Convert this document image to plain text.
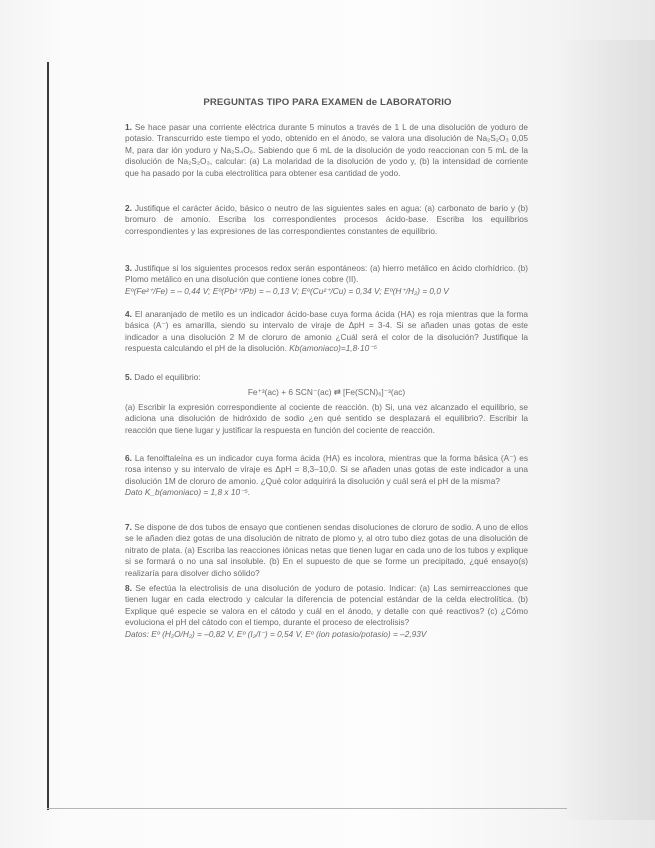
PREGUNTAS TIPO PARA EXAMEN de LABORATORIO
1. Se hace pasar una corriente eléctrica durante 5 minutos a través de 1 L de una disolución de yoduro de potasio. Transcurrido este tiempo el yodo, obtenido en el ánodo, se valora una disolución de Na₂S₂O₃ 0,05 M, para dar ión yoduro y Na₂S₄O₆. Sabiendo que 6 mL de la disolución de yodo reaccionan con 5 mL de la disolución de Na₂S₂O₃, calcular: (a) La molaridad de la disolución de yodo y, (b) la intensidad de corriente que ha pasado por la cuba electrolítica para obtener esa cantidad de yodo.
2. Justifique el carácter ácido, básico o neutro de las siguientes sales en agua: (a) carbonato de bario y (b) bromuro de amonio. Escriba los correspondientes procesos ácido-base. Escriba los equilibrios correspondientes y las expresiones de las correspondientes constantes de equilibrio.
3. Justifique si los siguientes procesos redox serán espontáneos: (a) hierro metálico en ácido clorhídrico. (b) Plomo metálico en una disolución que contiene iones cobre (II).
Eº(Fe²⁺/Fe) = – 0,44 V; Eº(Pb²⁺/Pb) = – 0,13 V; Eº(Cu²⁺/Cu) = 0,34 V; Eº(H⁺/H₂) = 0,0 V
4. El anaranjado de metilo es un indicador ácido-base cuya forma ácida (HA) es roja mientras que la forma básica (A⁻) es amarilla, siendo su intervalo de viraje de ΔpH = 3-4. Si se añaden unas gotas de este indicador a una disolución 2 M de cloruro de amonio ¿Cuál será el color de la disolución? Justifique la respuesta calculando el pH de la disolución. Kb(amoniaco)=1,8·10⁻⁵
5. Dado el equilibrio:
Fe⁺³(ac) + 6 SCN⁻(ac) ⇄ [Fe(SCN)₆]⁻³(ac)
(a) Escribir la expresión correspondiente al cociente de reacción. (b) Si, una vez alcanzado el equilibrio, se adiciona una disolución de hidróxido de sodio ¿en qué sentido se desplazará el equilibrio?. Escribir la reacción que tiene lugar y justificar la respuesta en función del cociente de reacción.
6. La fenolftaleína es un indicador cuya forma ácida (HA) es incolora, mientras que la forma básica (A⁻) es rosa intenso y su intervalo de viraje es ΔpH = 8,3–10,0. Si se añaden unas gotas de este indicador a una disolución 1M de cloruro de amonio. ¿Qué color adquirirá la disolución y cuál será el pH de la misma?
Dato K_b(amoniaco) = 1,8 x 10⁻⁵.
7. Se dispone de dos tubos de ensayo que contienen sendas disoluciones de cloruro de sodio. A uno de ellos se le añaden diez gotas de una disolución de nitrato de plomo y, al otro tubo diez gotas de una disolución de nitrato de plata. (a) Escriba las reacciones iónicas netas que tienen lugar en cada uno de los tubos y explique si se formará o no una sal insoluble. (b) En el supuesto de que se forme un precipitado, ¿qué ensayo(s) realizaría para disolver dicho sólido?
8. Se efectúa la electrolisis de una disolución de yoduro de potasio. Indicar: (a) Las semirreacciones que tienen lugar en cada electrodo y calcular la diferencia de potencial estándar de la celda electrolítica. (b) Explique qué especie se valora en el cátodo y cuál en el ánodo, y detalle con qué reactivos? (c) ¿Cómo evoluciona el pH del cátodo con el tiempo, durante el proceso de electrolisis?
Datos: Eº (H₂O/H₂) = –0,82 V, Eº (I₂/I⁻) = 0,54 V, Eº (ion potasio/potasio) = –2,93V
